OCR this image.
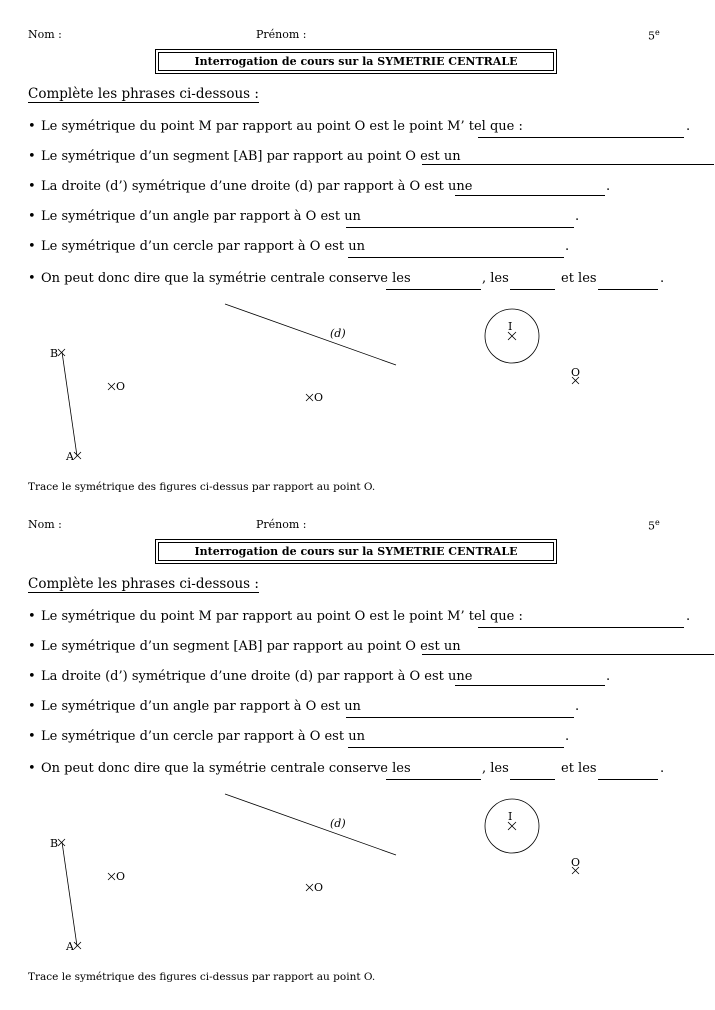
Nom :	Prénom :	5e
Interrogation de cours sur la SYMETRIE CENTRALE
Complète les phrases ci-dessous :
• Le symétrique du point M par rapport au point O est le point M’ tel que :	.
• Le symétrique d’un segment [AB] par rapport au point O est un
• La droite (d’) symétrique d’une droite (d) par rapport à O est une	.
• Le symétrique d’un angle par rapport à O est un	.
• Le symétrique d’un cercle par rapport à O est un	.
• On peut donc dire que la symétrie centrale conserve les	, les	et les	.
B
A
O
O
(d)
I
O
Trace le symétrique des figures ci-dessus par rapport au point O.
Nom :	Prénom :	5e
Interrogation de cours sur la SYMETRIE CENTRALE
Complète les phrases ci-dessous :
• Le symétrique du point M par rapport au point O est le point M’ tel que :	.
• Le symétrique d’un segment [AB] par rapport au point O est un
• La droite (d’) symétrique d’une droite (d) par rapport à O est une	.
• Le symétrique d’un angle par rapport à O est un	.
• Le symétrique d’un cercle par rapport à O est un	.
• On peut donc dire que la symétrie centrale conserve les	, les	et les	.
B
A
O
O
(d)
I
O
Trace le symétrique des figures ci-dessus par rapport au point O.
